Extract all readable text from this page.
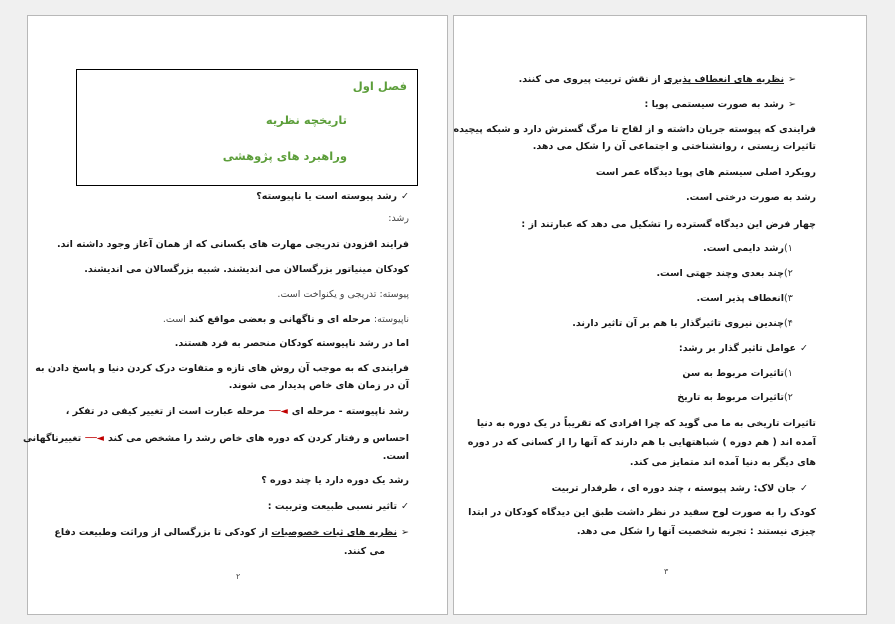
فصل اول
تاریخچه نظریه
وراهبرد های پژوهشی
✓رشد پیوسته است یا ناپیوسته؟
رشد:
فرایند افزودن تدریجی مهارت های یکسانی که از همان آغاز وجود داشته اند.
کودکان مینیاتور بزرگسالان می اندیشند. شبیه بزرگسالان می اندیشند.
پیوسته: تدریجی و یکنواخت است.
ناپیوسته: مرحله ای و ناگهانی و بعضی مواقع کند است.
اما در رشد ناپیوسته کودکان منحصر به فرد هستند.
فرایندی که به موجب آن روش های تازه و متفاوت درک کردن دنیا و پاسخ دادن به
آن در زمان های خاص پدیدار می شوند.
رشد ناپیوسته - مرحله ای◄──مرحله عبارت است از تغییر کیفی در تفکر ،
احساس و رفتار کردن که دوره های خاص رشد را مشخص می کند◄──تغییرناگهانی
است.
رشد یک دوره دارد یا چند دوره ؟
✓تاثیر نسبی طبیعت وتربیت :
➢نظریه های ثبات خصوصیات از کودکی تا بزرگسالی از وراثت وطبیعت دفاع
می کنند.
۲
➢نظریه های انعطاف پذیری از نقش تربیت پیروی می کنند.
➢رشد به صورت سیستمی پویا :
فرایندی که پیوسته جریان داشته و از لقاح تا مرگ گسترش دارد و شبکه پیچیده
تاثیرات زیستی ، روانشناختی و اجتماعی آن را شکل می دهد.
رویکرد اصلی سیستم های پویا دیدگاه عمر است
رشد به صورت درختی است.
چهار فرض این دیدگاه گسترده را تشکیل می دهد که عبارتند از :
۱)رشد دایمی است.
۲)چند بعدی وچند جهتی است.
۳)انعطاف پذیر است.
۴)چندین نیروی تاثیرگذار با هم بر آن تاثیر دارند.
✓عوامل تاثیر گذار بر رشد:
۱)تاثیرات مربوط به سن
۲)تاثیرات مربوط به تاریخ
تاثیرات تاریخی به ما می گوید که چرا افرادی که تقریباً در یک دوره به دنیا
آمده اند ( هم دوره ) شباهتهایی با هم دارند که آنها را از کسانی که در دوره
های دیگر به دنیا آمده اند متمایز می کند.
✓جان لاک: رشد پیوسته ، چند دوره ای ، طرفدار تربیت
کودک را به صورت لوح سفید در نظر داشت طبق این دیدگاه کودکان در ابتدا
چیزی نیستند : تجربه شخصیت آنها را شکل می دهد.
۳
